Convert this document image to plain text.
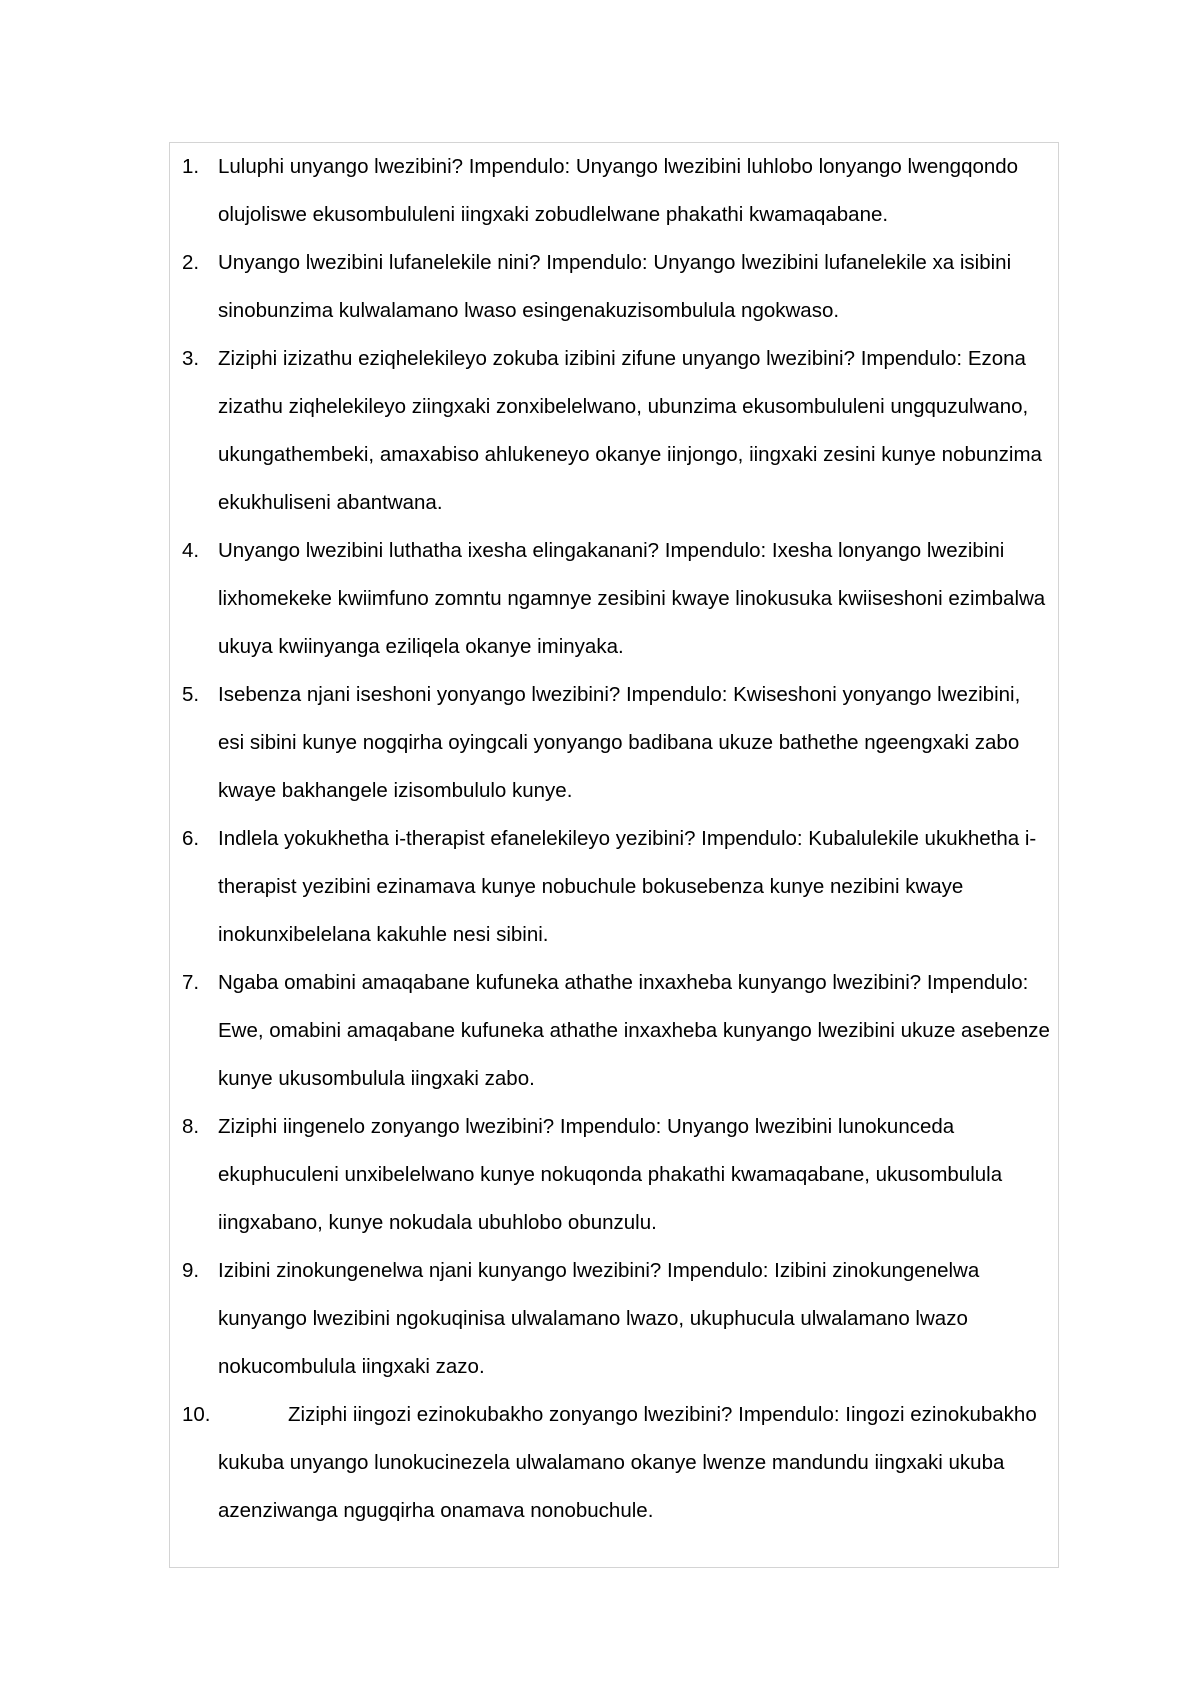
1. Luluphi unyango lwezibini? Impendulo: Unyango lwezibini luhlobo lonyango lwengqondo olujoliswe ekusombululeni iingxaki zobudlelwane phakathi kwamaqabane.
2. Unyango lwezibini lufanelekile nini? Impendulo: Unyango lwezibini lufanelekile xa isibini sinobunzima kulwalamano lwaso esingenakuzisombulula ngokwaso.
3. Ziziphi izizathu eziqhelekileyo zokuba izibini zifune unyango lwezibini? Impendulo: Ezona zizathu ziqhelekileyo ziingxaki zonxibelelwano, ubunzima ekusombululeni ungquzulwano, ukungathembeki, amaxabiso ahlukeneyo okanye iinjongo, iingxaki zesini kunye nobunzima ekukhuliseni abantwana.
4. Unyango lwezibini luthatha ixesha elingakanani? Impendulo: Ixesha lonyango lwezibini lixhomekeke kwiimfuno zomntu ngamnye zesibini kwaye linokusuka kwiiseshoni ezimbalwa ukuya kwiinyanga eziliqela okanye iminyaka.
5. Isebenza njani iseshoni yonyango lwezibini? Impendulo: Kwiseshoni yonyango lwezibini, esi sibini kunye nogqirha oyingcali yonyango badibana ukuze bathethe ngeengxaki zabo kwaye bakhangele izisombululo kunye.
6. Indlela yokukhetha i-therapist efanelekileyo yezibini? Impendulo: Kubalulekile ukukhetha i-therapist yezibini ezinamava kunye nobuchule bokusebenza kunye nezibini kwaye inokunxibelelana kakuhle nesi sibini.
7. Ngaba omabini amaqabane kufuneka athathe inxaxheba kunyango lwezibini? Impendulo: Ewe, omabini amaqabane kufuneka athathe inxaxheba kunyango lwezibini ukuze asebenze kunye ukusombulula iingxaki zabo.
8. Ziziphi iingenelo zonyango lwezibini? Impendulo: Unyango lwezibini lunokunceda ekuphuculeni unxibelelwano kunye nokuqonda phakathi kwamaqabane, ukusombulula iingxabano, kunye nokudala ubuhlobo obunzulu.
9. Izibini zinokungenelwa njani kunyango lwezibini? Impendulo: Izibini zinokungenelwa kunyango lwezibini ngokuqinisa ulwalamano lwazo, ukuphucula ulwalamano lwazo nokucombulula iingxaki zazo.
10.	Ziziphi iingozi ezinokubakho zonyango lwezibini? Impendulo: Iingozi ezinokubakho kukuba unyango lunokucinezela ulwalamano okanye lwenze mandundu iingxaki ukuba azenziwanga ngugqirha onamava nonobuchule.
